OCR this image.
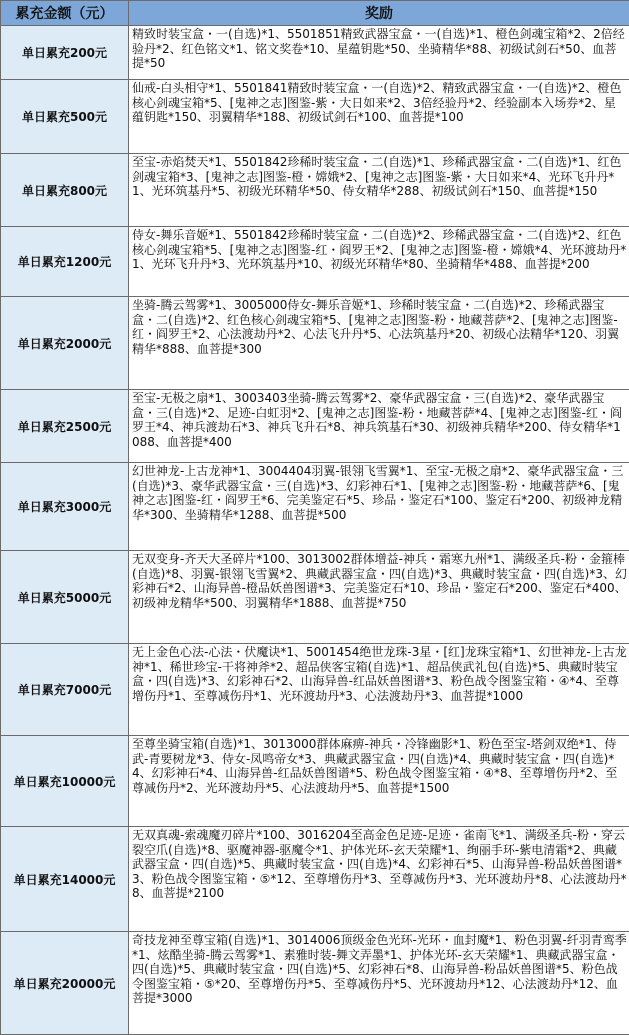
累充金额（元）	奖励
单日累充200元	精致时装宝盒・一(自选)*1、5501851精致武器宝盒・一(自选)*1、橙色剑魂宝箱*2、2倍经验丹*2、红色铭文*1、铭文奖卷*10、星蕴钥匙*50、坐骑精华*88、初级试剑石*50、血菩提*50
单日累充500元	仙戒-白头相守*1、5501841精致时装宝盒・一(自选)*2、精致武器宝盒・一(自选)*2、橙色核心剑魂宝箱*5、[鬼神之志]图鉴-紫・大日如来*2、3倍经验丹*2、经验副本入场券*2、星蕴钥匙*150、羽翼精华*188、初级试剑石*100、血菩提*100
单日累充800元	至宝-赤焰焚天*1、5501842珍稀时装宝盒・二(自选)*1、珍稀武器宝盒・二(自选)*1、红色剑魂宝箱*3、[鬼神之志]图鉴-橙・嫦娥*2、[鬼神之志]图鉴-紫・大日如来*4、光环飞升丹*1、光环筑基丹*5、初级光环精华*50、侍女精华*288、初级试剑石*150、血菩提*150
单日累充1200元	侍女-舞乐音姬*1、5501842珍稀时装宝盒・二(自选)*2、珍稀武器宝盒・二(自选)*2、红色核心剑魂宝箱*5、[鬼神之志]图鉴-红・阎罗王*2、[鬼神之志]图鉴-橙・嫦娥*4、光环渡劫丹*1、光环飞升丹*3、光环筑基丹*10、初级光环精华*80、坐骑精华*488、血菩提*200
单日累充2000元	坐骑-腾云驾雾*1、3005000侍女-舞乐音姬*1、珍稀时装宝盒・二(自选)*2、珍稀武器宝盒・二(自选)*2、红色核心剑魂宝箱*5、[鬼神之志]图鉴-粉・地藏菩萨*2、[鬼神之志]图鉴-红・阎罗王*2、心法渡劫丹*2、心法飞升丹*5、心法筑基丹*20、初级心法精华*120、羽翼精华*888、血菩提*300
单日累充2500元	至宝-无极之扇*1、3003403坐骑-腾云驾雾*2、豪华武器宝盒・三(自选)*2、豪华武器宝盒・三(自选)*2、足迹-白虹羽*2、[鬼神之志]图鉴-粉・地藏菩萨*4、[鬼神之志]图鉴-红・阎罗王*4、神兵渡劫石*3、神兵飞升石*8、神兵筑基石*30、初级神兵精华*200、侍女精华*1088、血菩提*400
单日累充3000元	幻世神龙-上古龙神*1、3004404羽翼-银翎飞雪翼*1、至宝-无极之扇*2、豪华武器宝盒・三(自选)*3、豪华武器宝盒・三(自选)*3、幻彩神石*1、[鬼神之志]图鉴-粉・地藏菩萨*6、[鬼神之志]图鉴-红・阎罗王*6、完美鉴定石*5、珍品・鉴定石*100、鉴定石*200、初级神龙精华*300、坐骑精华*1288、血菩提*500
单日累充5000元	无双变身-齐天大圣碎片*100、3013002群体增益-神兵・霜寒九州*1、满级圣兵-粉・金箍棒(自选)*8、羽翼-银翎飞雪翼*2、典藏武器宝盒・四(自选)*3、典藏时装宝盒・四(自选)*3、幻彩神石*2、山海异兽-橙品妖兽图谱*3、完美鉴定石*10、珍品・鉴定石*200、鉴定石*400、初级神龙精华*500、羽翼精华*1888、血菩提*750
单日累充7000元	无上金色心法-心法・伏魔诀*1、5001454绝世龙珠-3星・[红]龙珠宝箱*1、幻世神龙-上古龙神*1、稀世珍宝-干将神斧*2、超品侠客宝箱(自选)*1、超品侠武礼包(自选)*5、典藏时装宝盒・四(自选)*3、幻彩神石*2、山海异兽-红品妖兽图谱*3、粉色战令图鉴宝箱・④*4、至尊增伤丹*1、至尊减伤丹*1、光环渡劫丹*3、心法渡劫丹*3、血菩提*1000
单日累充10000元	至尊坐骑宝箱(自选)*1、3013000群体麻痹-神兵・冷锋幽影*1、粉色至宝-塔剑双绝*1、侍武-青要树龙*3、侍女-凤鸣帝女*3、典藏武器宝盒・四(自选)*4、典藏时装宝盒・四(自选)*4、幻彩神石*4、山海异兽-红品妖兽图谱*5、粉色战令图鉴宝箱・④*8、至尊增伤丹*2、至尊减伤丹*2、光环渡劫丹*5、心法渡劫丹*5、血菩提*1500
单日累充14000元	无双真魂-索魂魔刃碎片*100、3016204至高金色足迹-足迹・雀南飞*1、满级圣兵-粉・穿云裂空爪(自选)*8、驱魔神器-驱魔令*1、护体光环-玄天荣耀*1、绚丽手环-紫电清霜*2、典藏武器宝盒・四(自选)*5、典藏时装宝盒・四(自选)*4、幻彩神石*5、山海异兽-粉品妖兽图谱*3、粉色战令图鉴宝箱・⑤*12、至尊增伤丹*3、至尊减伤丹*3、光环渡劫丹*8、心法渡劫丹*8、血菩提*2100
单日累充20000元	奇技龙神至尊宝箱(自选)*1、3014006顶级金色光环-光环・血封魔*1、粉色羽翼-纤羽青鸾季*1、炫酷坐骑-腾云驾雾*1、素雅时装-舞文弄墨*1、护体光环-玄天荣耀*1、典藏武器宝盒・四(自选)*5、典藏时装宝盒・四(自选)*5、幻彩神石*8、山海异兽-粉品妖兽图谱*5、粉色战令图鉴宝箱・⑤*20、至尊增伤丹*5、至尊减伤丹*5、光环渡劫丹*12、心法渡劫丹*12、血菩提*3000
